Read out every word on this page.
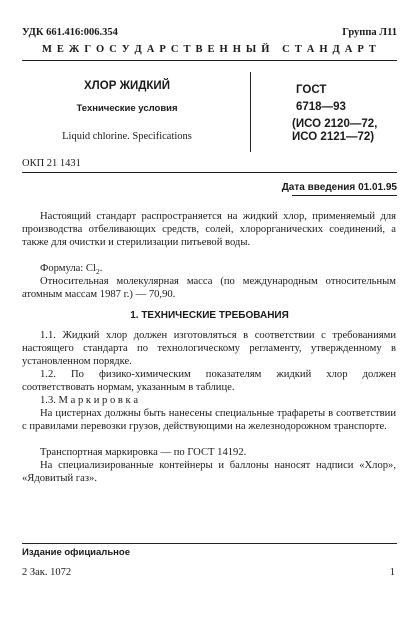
УДК 661.416:006.354	Группа Л11
М Е Ж Г О С У Д А Р С Т В Е Н Н Ы Й   С Т А Н Д А Р Т
ХЛОР ЖИДКИЙ
Технические условия
Liquid chlorine. Specifications
ГОСТ
6718—93
(ИСО 2120—72,
ИСО 2121—72)
ОКП 21 1431
Дата введения 01.01.95

Настоящий стандарт распространяется на жидкий хлор, применяемый для производства отбеливающих средств, солей, хлорорганических соединений, а также для очистки и стерилизации питьевой воды.

Формула: $Cl_2$.

Относительная молекулярная масса (по международным относительным атомным массам 1987 г.) — 70,90.

1. ТЕХНИЧЕСКИЕ ТРЕБОВАНИЯ

1.1. Жидкий хлор должен изготовляться в соответствии с требованиями настоящего стандарта по технологическому регламенту, утвержденному в установленном порядке.

1.2. По физико-химическим показателям жидкий хлор должен соответствовать нормам, указанным в таблице.

1.3. М а р к и р о в к а

На цистернах должны быть нанесены специальные трафареты в соответствии с правилами перевозки грузов, действующими на железнодорожном транспорте.

Транспортная маркировка — по ГОСТ 14192.

На специализированные контейнеры и баллоны наносят надписи «Хлор», «Ядовитый газ».

Издание официальное
2 Зак. 1072	1
